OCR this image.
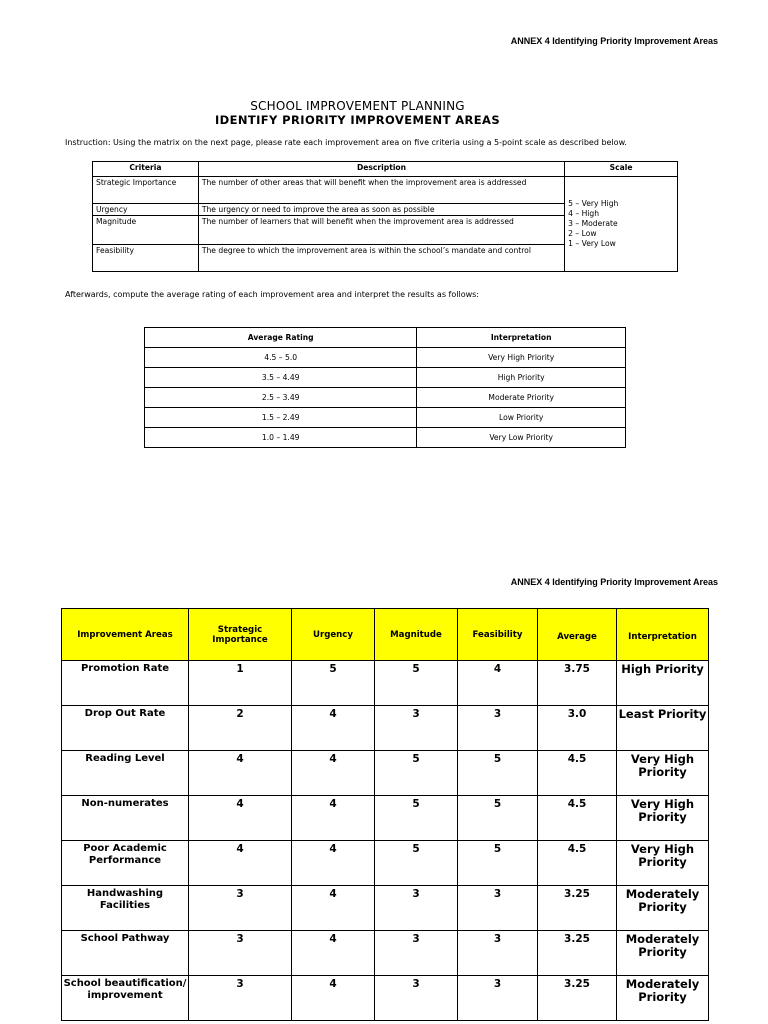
ANNEX 4 Identifying Priority Improvement Areas
SCHOOL IMPROVEMENT PLANNING
IDENTIFY PRIORITY IMPROVEMENT AREAS
Instruction: Using the matrix on the next page, please rate each improvement area on five criteria using a 5-point scale as described below.
Criteria	Description	Scale
Strategic Importance	The number of other areas that will benefit when the improvement area is addressed	5 – Very High
4 – High
3 – Moderate
2 – Low
1 – Very Low

Urgency	The urgency or need to improve the area as soon as possible	
Magnitude	The number of learners that will benefit when the improvement area is addressed	
Feasibility	The degree to which the improvement area is within the school’s mandate and control	
Afterwards, compute the average rating of each improvement area and interpret the results as follows:
Average Rating	Interpretation
4.5 – 5.0	Very High Priority
3.5 – 4.49	High Priority
2.5 – 3.49	Moderate Priority
1.5 – 2.49	Low Priority
1.0 – 1.49	Very Low Priority
ANNEX 4 Identifying Priority Improvement Areas
Improvement Areas	Strategic Importance	Urgency	Magnitude	Feasibility	Average	Interpretation
Promotion Rate	1	5	5	4	3.75	High Priority
Drop Out Rate	2	4	3	3	3.0	Least Priority
Reading Level	4	4	5	5	4.5	Very High Priority
Non-numerates	4	4	5	5	4.5	Very High Priority
Poor Academic Performance	4	4	5	5	4.5	Very High Priority
Handwashing Facilities	3	4	3	3	3.25	Moderately Priority
School Pathway	3	4	3	3	3.25	Moderately Priority
School beautification/ improvement	3	4	3	3	3.25	Moderately Priority
